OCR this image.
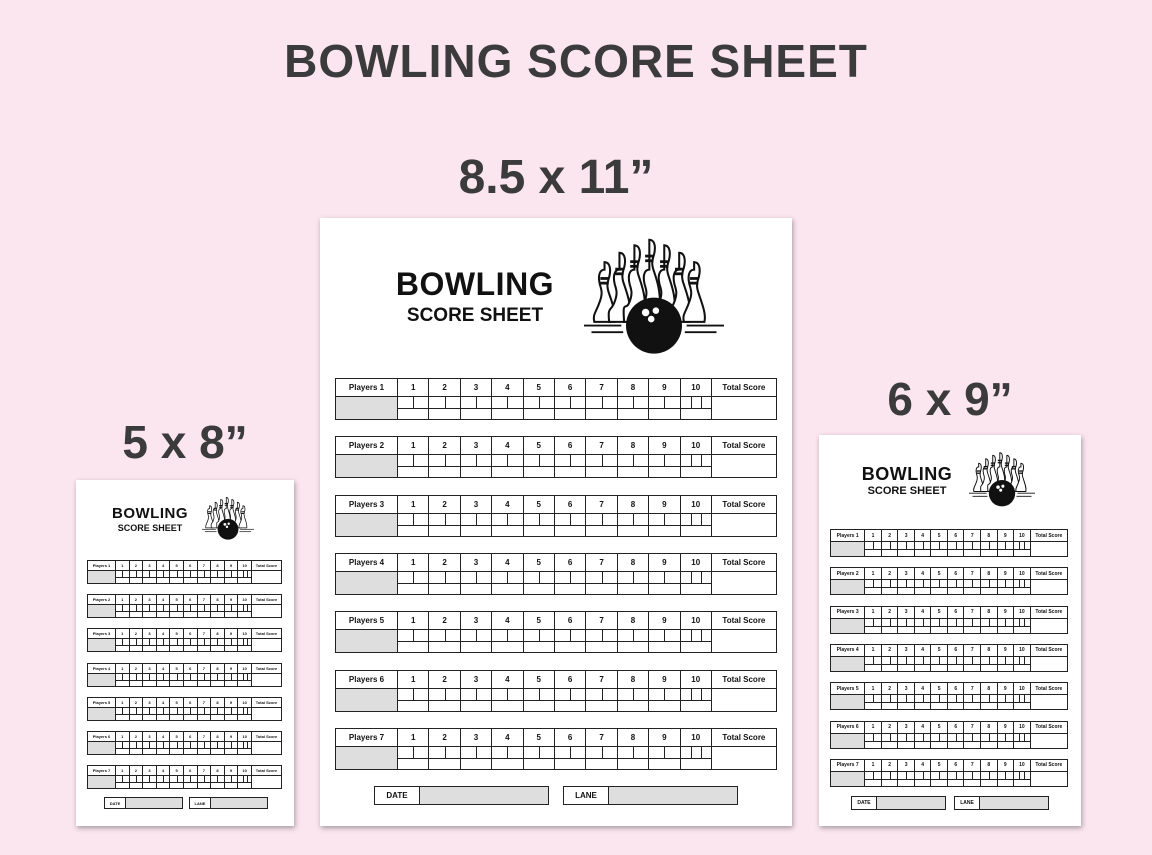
BOWLING SCORE SHEET
8.5 x 11”
5 x 8”
6 x 9”
BOWLING
SCORE SHEET
Players 1	1	2	3	4	5	6	7	8	9	10	Total Score

Players 2	1	2	3	4	5	6	7	8	9	10	Total Score

Players 3	1	2	3	4	5	6	7	8	9	10	Total Score

Players 4	1	2	3	4	5	6	7	8	9	10	Total Score

Players 5	1	2	3	4	5	6	7	8	9	10	Total Score

Players 6	1	2	3	4	5	6	7	8	9	10	Total Score

Players 7	1	2	3	4	5	6	7	8	9	10	Total Score

DATE	LANE
BOWLING
SCORE SHEET
Players 1	1	2	3	4	5	6	7	8	9	10	Total Score

Players 2	1	2	3	4	5	6	7	8	9	10	Total Score

Players 3	1	2	3	4	5	6	7	8	9	10	Total Score

Players 4	1	2	3	4	5	6	7	8	9	10	Total Score

Players 5	1	2	3	4	5	6	7	8	9	10	Total Score

Players 6	1	2	3	4	5	6	7	8	9	10	Total Score

Players 7	1	2	3	4	5	6	7	8	9	10	Total Score

DATE	LANE
BOWLING
SCORE SHEET
Players 1	1	2	3	4	5	6	7	8	9	10	Total Score

Players 2	1	2	3	4	5	6	7	8	9	10	Total Score

Players 3	1	2	3	4	5	6	7	8	9	10	Total Score

Players 4	1	2	3	4	5	6	7	8	9	10	Total Score

Players 5	1	2	3	4	5	6	7	8	9	10	Total Score

Players 6	1	2	3	4	5	6	7	8	9	10	Total Score

Players 7	1	2	3	4	5	6	7	8	9	10	Total Score

DATE	LANE
